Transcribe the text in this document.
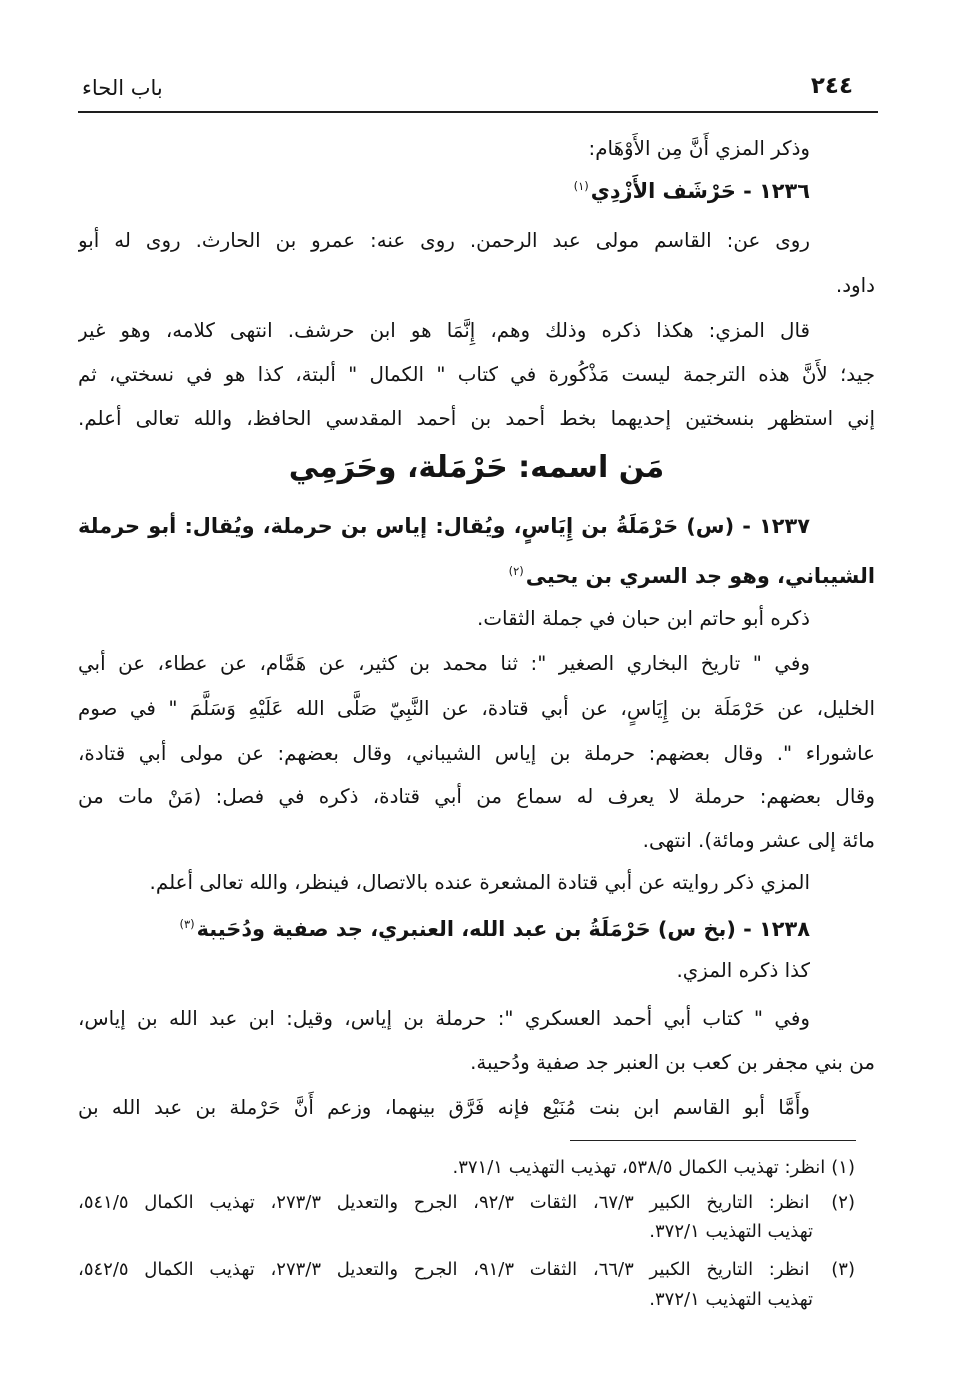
باب الحاء	٢٤٤
وذكر المزي أَنَّ مِن الأَوْهَام:
١٢٣٦ - حَرْشَف الأَزْدِي$^{(١)}$
روى عن: القاسم مولى عبد الرحمن. روى عنه: عمرو بن الحارث. روى له أبو
داود.
قال المزي: هكذا ذكره وذلك وهم، إِنَّمَا هو ابن حرشف. انتهى كلامه، وهو غير
جيد؛ لأَنَّ هذه الترجمة ليست مَذْكُورة في كتاب " الكمال " ألبتة، كذا هو في نسختي، ثم
إني استظهر بنسختين إحديهما بخط أحمد بن أحمد المقدسي الحافظ، والله تعالى أعلم.
مَن اسمه: حَرْمَلة، وحَرَمِي
١٢٣٧ - (س) حَرْمَلَةُ بن إِيَاسٍ، ويُقال: إياس بن حرملة، ويُقال: أبو حرملة
الشيباني، وهو جد السري بن يحيى$^{(٢)}$
ذكره أبو حاتم ابن حبان في جملة الثقات.
وفي " تاريخ البخاري الصغير ": ثنا محمد بن كثير، عن هَمَّام، عن عطاء، عن أبي
الخليل، عن حَرْمَلَة بن إِيَاسٍ، عن أبي قتادة، عن النَّبِيّ صَلَّى الله عَلَيْهِ وَسَلَّمَ " في صوم
عاشوراء ". وقال بعضهم: حرملة بن إياس الشيباني، وقال بعضهم: عن مولى أبي قتادة،
وقال بعضهم: حرملة لا يعرف له سماع من أبي قتادة، ذكره في فصل: (مَنْ مات من
مائة إلى عشر ومائة). انتهى.
المزي ذكر روايته عن أبي قتادة المشعرة عنده بالاتصال، فينظر، والله تعالى أعلم.
١٢٣٨ - (بخ س) حَرْمَلَةُ بن عبد الله، العنبري، جد صفية ودُحَيبة$^{(٣)}$
كذا ذكره المزي.
وفي " كتاب أبي أحمد العسكري ": حرملة بن إياس، وقيل: ابن عبد الله بن إياس،
من بني مجفر بن كعب بن العنبر جد صفية ودُحيبة.
وأَمَّا أبو القاسم ابن بنت مُنَيْع فإنه فَرَّق بينهما، وزعم أَنَّ حَرْملة بن عبد الله بن
(١)انظر: تهذيب الكمال ٥٣٨/٥، تهذيب التهذيب ٣٧١/١.
(٢) انظر: التاريخ الكبير ٦٧/٣، الثقات ٩٢/٣، الجرح والتعديل ٢٧٣/٣، تهذيب الكمال ٥٤١/٥،
تهذيب التهذيب ٣٧٢/١.
(٣) انظر: التاريخ الكبير ٦٦/٣، الثقات ٩١/٣، الجرح والتعديل ٢٧٣/٣، تهذيب الكمال ٥٤٢/٥،
تهذيب التهذيب ٣٧٢/١.
